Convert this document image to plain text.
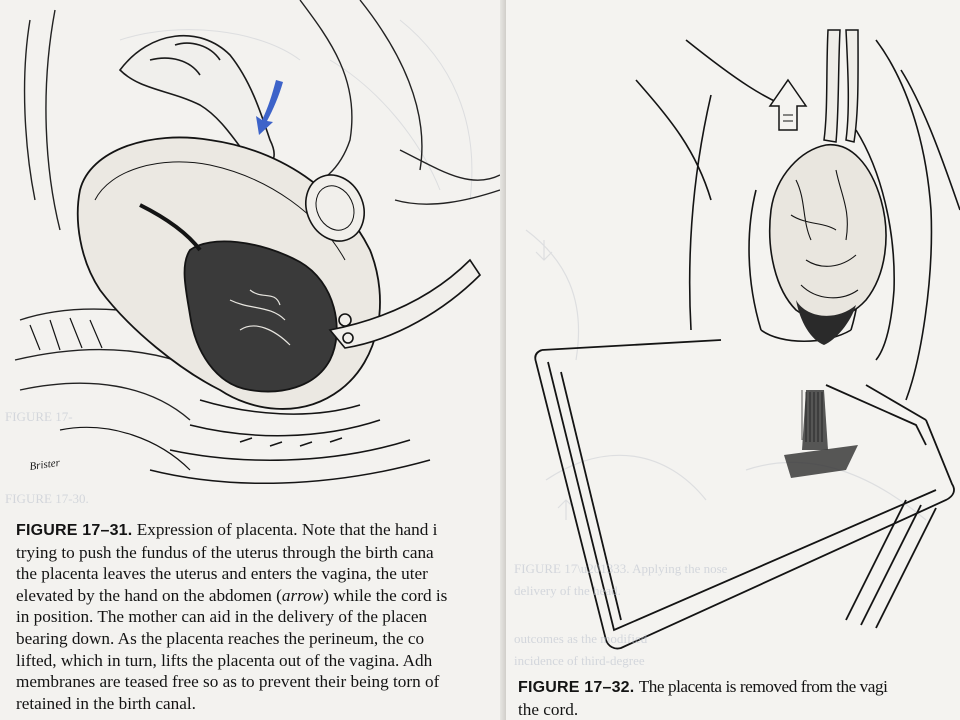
Brister
FIGURE 17-
FIGURE 17-30.
FIGURE 17–31. Expression of placenta. Note that the hand i
trying to push the fundus of the uterus through the birth cana
the placenta leaves the uterus and enters the vagina, the uter
elevated by the hand on the abdomen (arrow) while the cord is
in position. The mother can aid in the delivery of the placen
bearing down. As the placenta reaches the perineum, the co
lifted, which in turn, lifts the placenta out of the vagina. Adh
membranes are teased free so as to prevent their being torn of
retained in the birth canal.
FIGURE 17\u201333. Applying the nose
delivery of the head.
outcomes as the modified
incidence of third-degree
FIGURE 17–32. The placenta is removed from the vagi
the cord.
